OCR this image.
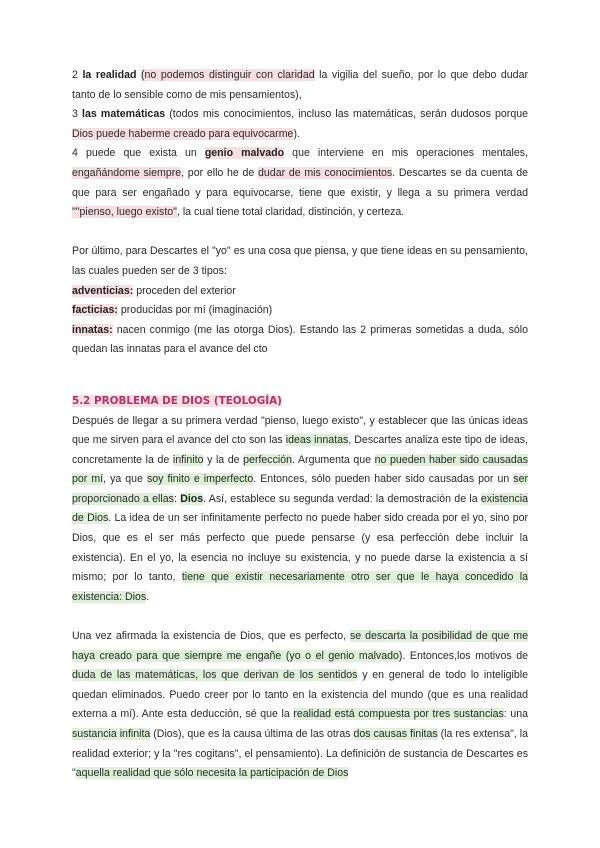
2 la realidad (no podemos distinguir con claridad la vigilia del sueño, por lo que debo dudar tanto de lo sensible como de mis pensamientos),

3 las matemáticas (todos mis conocimientos, incluso las matemáticas, serán dudosos porque Dios puede haberme creado para equivocarme).

4 puede que exista un genio malvado que interviene en mis operaciones mentales, engañándome siempre, por ello he de dudar de mis conocimientos. Descartes se da cuenta de que para ser engañado y para equivocarse, tiene que existir, y llega a su primera verdad ""pienso, luego existo", la cual tiene total claridad, distinción, y certeza.

Por último, para Descartes el "yo" es una cosa que piensa, y que tiene ideas en su pensamiento, las cuales pueden ser de 3 tipos:

adventicias: proceden del exterior

facticias: producidas por mí (imaginación)

innatas: nacen conmigo (me las otorga Dios). Estando las 2 primeras sometidas a duda, sólo quedan las innatas para el avance del cto

5.2 PROBLEMA DE DIOS (TEOLOGÍA)

Después de llegar a su primera verdad "pienso, luego existo", y establecer que las únicas ideas que me sirven para el avance del cto son las ideas innatas, Descartes analiza este tipo de ideas, concretamente la de infinito y la de perfección. Argumenta que no pueden haber sido causadas por mí, ya que soy finito e imperfecto. Entonces, sólo pueden haber sido causadas por un ser proporcionado a ellas: Dios. Así, establece su segunda verdad: la demostración de la existencia de Dios. La idea de un ser infinitamente perfecto no puede haber sido creada por el yo, sino por Dios, que es el ser más perfecto que puede pensarse (y esa perfección debe incluir la existencia). En el yo, la esencia no incluye su existencia, y no puede darse la existencia a sí mismo; por lo tanto, tiene que existir necesariamente otro ser que le haya concedido la existencia: Dios.

Una vez afirmada la existencia de Dios, que es perfecto, se descarta la posibilidad de que me haya creado para que siempre me engañe (yo o el genio malvado). Entonces,los motivos de duda de las matemáticas, los que derivan de los sentidos y en general de todo lo inteligible quedan eliminados. Puedo creer por lo tanto en la existencia del mundo (que es una realidad externa a mí). Ante esta deducción, sé que la realidad está compuesta por tres sustancias: una sustancia infinita (Dios), que es la causa última de las otras dos causas finitas (la res extensa", la realidad exterior; y la "res cogitans", el pensamiento). La definición de sustancia de Descartes es "aquella realidad que sólo necesita la participación de Dios
